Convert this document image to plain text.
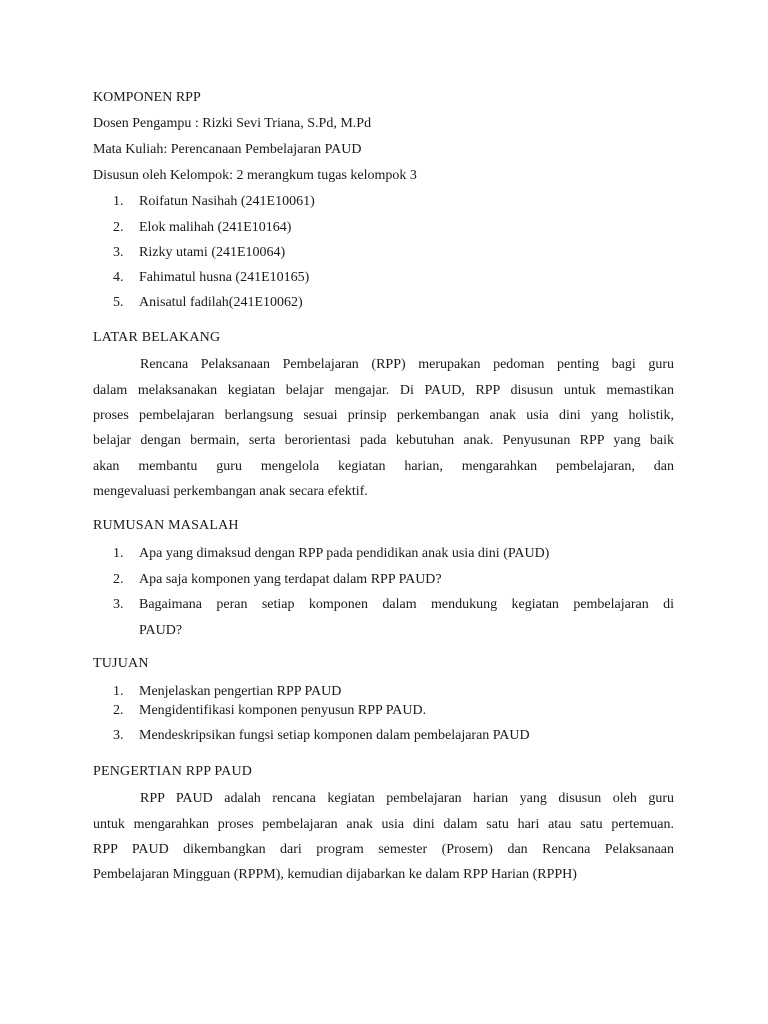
KOMPONEN RPP
Dosen Pengampu : Rizki Sevi Triana, S.Pd, M.Pd
Mata Kuliah: Perencanaan Pembelajaran PAUD
Disusun oleh Kelompok: 2 merangkum tugas kelompok 3
1. Roifatun Nasihah (241E10061)
2. Elok malihah (241E10164)
3. Rizky utami (241E10064)
4. Fahimatul husna (241E10165)
5. Anisatul fadilah(241E10062)
LATAR BELAKANG
Rencana Pelaksanaan Pembelajaran (RPP) merupakan pedoman penting bagi guru
dalam melaksanakan kegiatan belajar mengajar. Di PAUD, RPP disusun untuk memastikan
proses pembelajaran berlangsung sesuai prinsip perkembangan anak usia dini yang holistik,
belajar dengan bermain, serta berorientasi pada kebutuhan anak. Penyusunan RPP yang baik
akan membantu guru mengelola kegiatan harian, mengarahkan pembelajaran, dan
mengevaluasi perkembangan anak secara efektif.
RUMUSAN MASALAH
1. Apa yang dimaksud dengan RPP pada pendidikan anak usia dini (PAUD)
2. Apa saja komponen yang terdapat dalam RPP PAUD?
3.	Bagaimana peran setiap komponen dalam mendukung kegiatan pembelajaran di
PAUD?
TUJUAN
1. Menjelaskan pengertian RPP PAUD
2. Mengidentifikasi komponen penyusun RPP PAUD.
3. Mendeskripsikan fungsi setiap komponen dalam pembelajaran PAUD
PENGERTIAN RPP PAUD
RPP PAUD adalah rencana kegiatan pembelajaran harian yang disusun oleh guru
untuk mengarahkan proses pembelajaran anak usia dini dalam satu hari atau satu pertemuan.
RPP PAUD dikembangkan dari program semester (Prosem) dan Rencana Pelaksanaan
Pembelajaran Mingguan (RPPM), kemudian dijabarkan ke dalam RPP Harian (RPPH)
